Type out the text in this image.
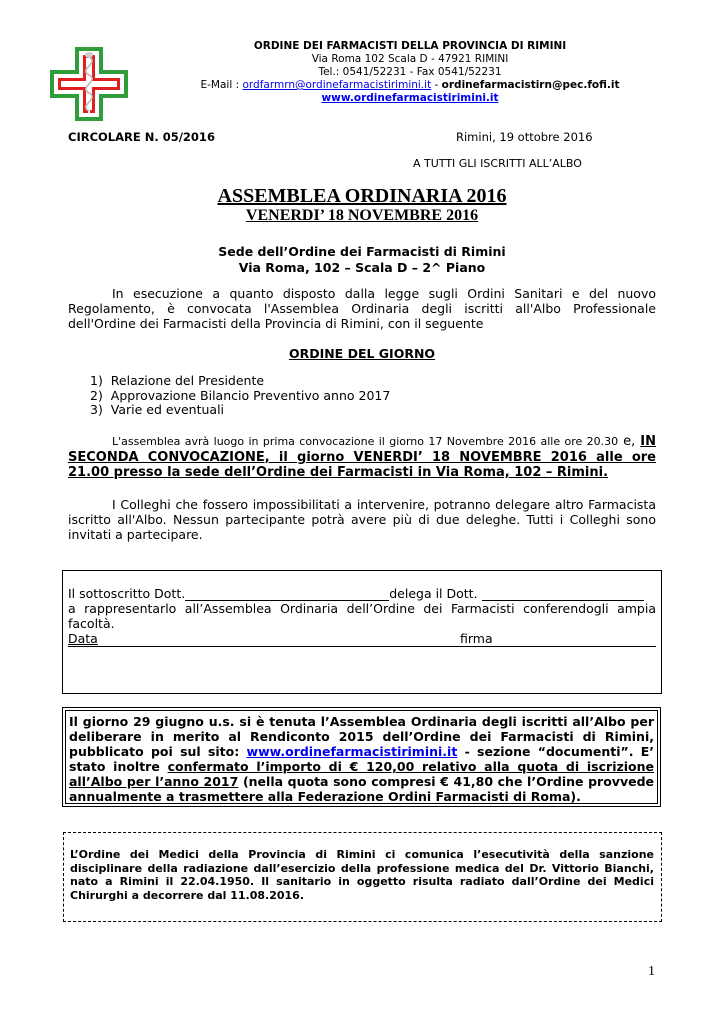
ORDINE DEI FARMACISTI DELLA PROVINCIA DI RIMINI
Via Roma 102 Scala D - 47921 RIMINI
Tel.: 0541/52231 - Fax 0541/52231
E-Mail : ordfarmrn@ordinefarmacistirimini.it - ordinefarmacistirn@pec.fofi.it
www.ordinefarmacistirimini.it
CIRCOLARE N. 05/2016	Rimini, 19 ottobre 2016
A TUTTI GLI ISCRITTI ALL’ALBO
ASSEMBLEA ORDINARIA 2016
VENERDI’ 18 NOVEMBRE 2016
Sede dell’Ordine dei Farmacisti di Rimini
Via Roma, 102 – Scala D – 2^ Piano
In esecuzione a quanto disposto dalla legge sugli Ordini Sanitari e del nuovo Regolamento, è convocata l'Assemblea Ordinaria degli iscritti all'Albo Professionale dell'Ordine dei Farmacisti della Provincia di Rimini, con il seguente
ORDINE DEL GIORNO
1)  Relazione del Presidente
2)  Approvazione Bilancio Preventivo anno 2017
3)  Varie ed eventuali
L'assemblea avrà luogo in prima convocazione il giorno 17 Novembre 2016 alle ore 20.30 e, IN SECONDA CONVOCAZIONE, il giorno VENERDI’ 18 NOVEMBRE 2016 alle ore 21.00 presso la sede dell’Ordine dei Farmacisti in Via Roma, 102 – Rimini.
I Colleghi che fossero impossibilitati a intervenire, potranno delegare altro Farmacista iscritto all'Albo. Nessun partecipante potrà avere più di due deleghe. Tutti i Colleghi sono invitati a partecipare.
Il sottoscritto Dott.	delega il Dott.
a rappresentarlo all’Assemblea Ordinaria dell’Ordine dei Farmacisti conferendogli ampia facoltà.
Data	firma
Il giorno 29 giugno u.s. si è tenuta l’Assemblea Ordinaria degli iscritti all’Albo per deliberare in merito al Rendiconto 2015 dell’Ordine dei Farmacisti di Rimini, pubblicato poi sul sito: www.ordinefarmacistirimini.it - sezione “documenti”. E’ stato inoltre confermato l’importo di € 120,00 relativo alla quota di iscrizione all’Albo per l’anno 2017 (nella quota sono compresi € 41,80 che l’Ordine provvede annualmente a trasmettere alla Federazione Ordini Farmacisti di Roma).
L’Ordine dei Medici della Provincia di Rimini ci comunica l’esecutività della sanzione disciplinare della radiazione dall’esercizio della professione medica del Dr. Vittorio Bianchi, nato a Rimini il 22.04.1950. Il sanitario in oggetto risulta radiato dall’Ordine dei Medici Chirurghi a decorrere dal 11.08.2016.
1
